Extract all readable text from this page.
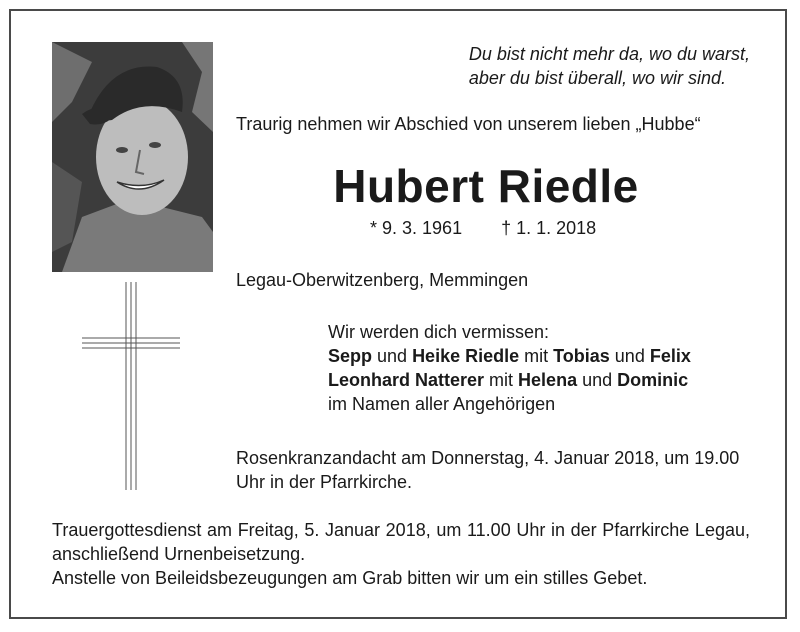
Du bist nicht mehr da, wo du warst,
aber du bist überall, wo wir sind.
Traurig nehmen wir Abschied von unserem lieben „Hubbe“
Hubert Riedle
* 9. 3. 1961 † 1. 1. 2018
Legau-Oberwitzenberg, Memmingen
Wir werden dich vermissen:
Sepp und Heike Riedle mit Tobias und Felix
Leonhard Natterer mit Helena und Dominic
im Namen aller Angehörigen
Rosenkranzandacht am Donnerstag, 4. Januar 2018, um 19.00 Uhr in der Pfarrkirche.
Trauergottesdienst am Freitag, 5. Januar 2018, um 11.00 Uhr in der Pfarrkirche Legau, anschließend Urnenbeisetzung.
Anstelle von Beileidsbezeugungen am Grab bitten wir um ein stilles Gebet.
